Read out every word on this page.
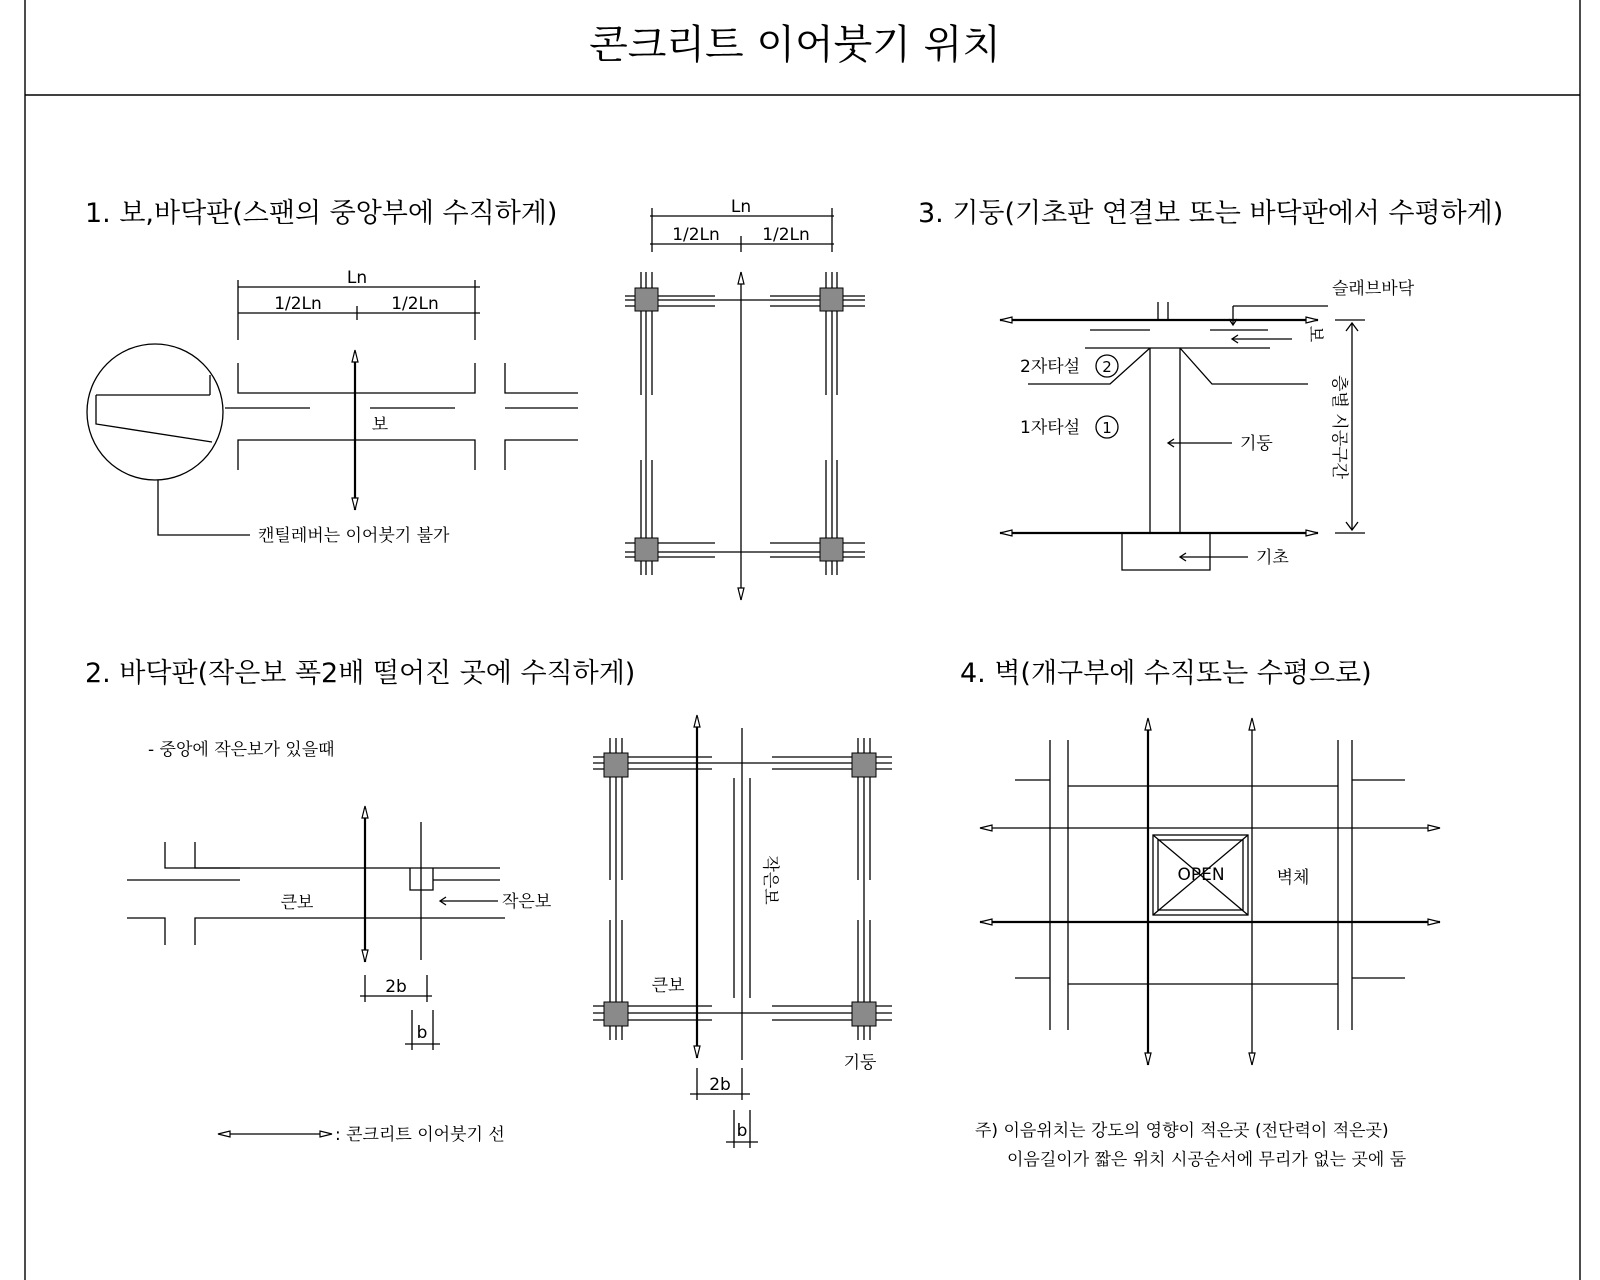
콘크리트 이어붓기 위치
1. 보,바닥판(스팬의 중앙부에 수직하게)
Ln
1/2Ln	1/2Ln
보
캔틸레버는 이어붓기 불가
Ln
1/2Ln 1/2Ln
2. 바닥판(작은보 폭2배 떨어진 곳에 수직하게)
- 중앙에 작은보가 있을때
큰보	작은보
2b
b
작은보
큰보
기둥
2b
b
: 콘크리트 이어붓기 선
3. 기둥(기초판 연결보 또는 바닥판에서 수평하게)
슬래브바닥
보
2자타설 2
1자타설 1
기둥
기초
층별 시공구간
4. 벽(개구부에 수직또는 수평으로)
OPEN	벽체
주) 이음위치는 강도의 영향이 적은곳 (전단력이 적은곳)
이음길이가 짧은 위치 시공순서에 무리가 없는 곳에 둠
